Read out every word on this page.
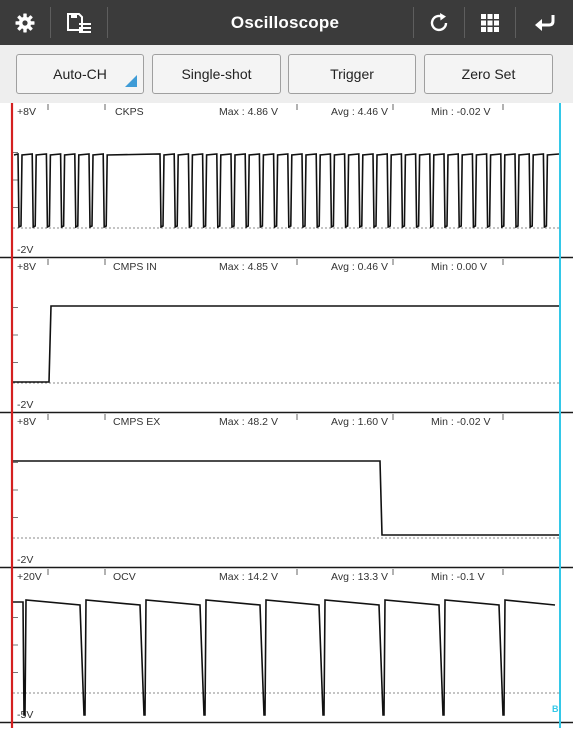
Oscilloscope
Auto-CH	Single-shot	Trigger	Zero Set
+8V	CKPS	Max : 4.86 V	Avg : 4.46 V	Min : -0.02 V
-2V
+8V	CMPS IN	Max : 4.85 V	Avg : 0.46 V	Min : 0.00 V
-2V
+8V	CMPS EX	Max : 48.2 V	Avg : 1.60 V	Min : -0.02 V
-2V
+20V	OCV	Max : 14.2 V	Avg : 13.3 V	Min : -0.1 V
-5V	B
